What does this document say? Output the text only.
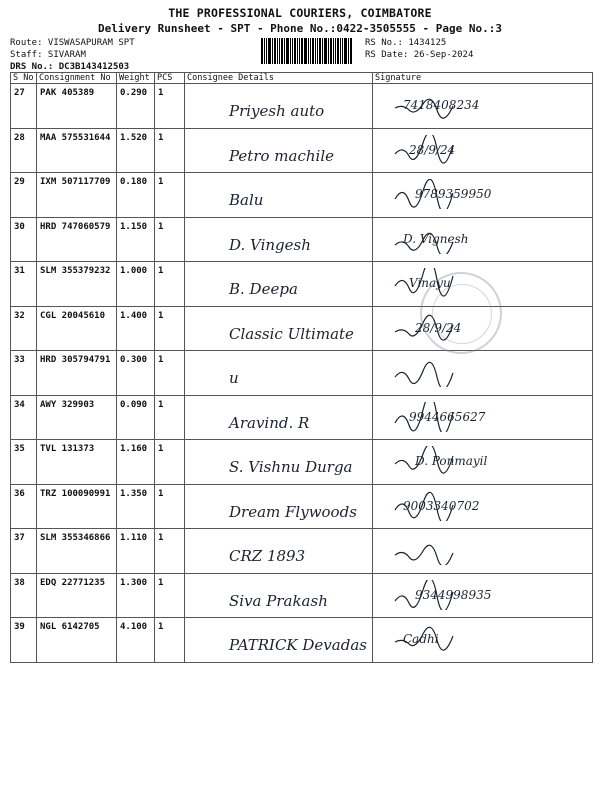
THE PROFESSIONAL COURIERS, COIMBATORE
Delivery Runsheet - SPT - Phone No.:0422-3505555 - Page No.:3
Route: VISWASAPURAM SPT
Staff: SIVARAM
DRS No.: DC3B143412503
RS No.: 1434125
RS Date: 26-Sep-2024
S No	Consignment No	Weight	PCS	Consignee Details	Signature

27	PAK 405389	0.290	1	Priyesh auto	7418408234

28	MAA 575531644	1.520	1	Petro machile	28/9/24

29	IXM 507117709	0.180	1	Balu	9789359950

30	HRD 747060579	1.150	1	D. Vingesh	D. Vignesh

31	SLM 355379232	1.000	1	B. Deepa	Vinayu

32	CGL 20045610	1.400	1	Classic Ultimate	28/9/24

33	HRD 305794791	0.300	1	u

34	AWY 329903	0.090	1	Aravind. R	9944665627

35	TVL 131373	1.160	1	S. Vishnu Durga	D. Ponmayil

36	TRZ 100090991	1.350	1	Dream Flywoods	9003340702

37	SLM 355346866	1.110	1	CRZ 1893

38	EDQ 22771235	1.300	1	Siva Prakash	9344998935

39	NGL 6142705	4.100	1	PATRICK Devadas	Cadhi
